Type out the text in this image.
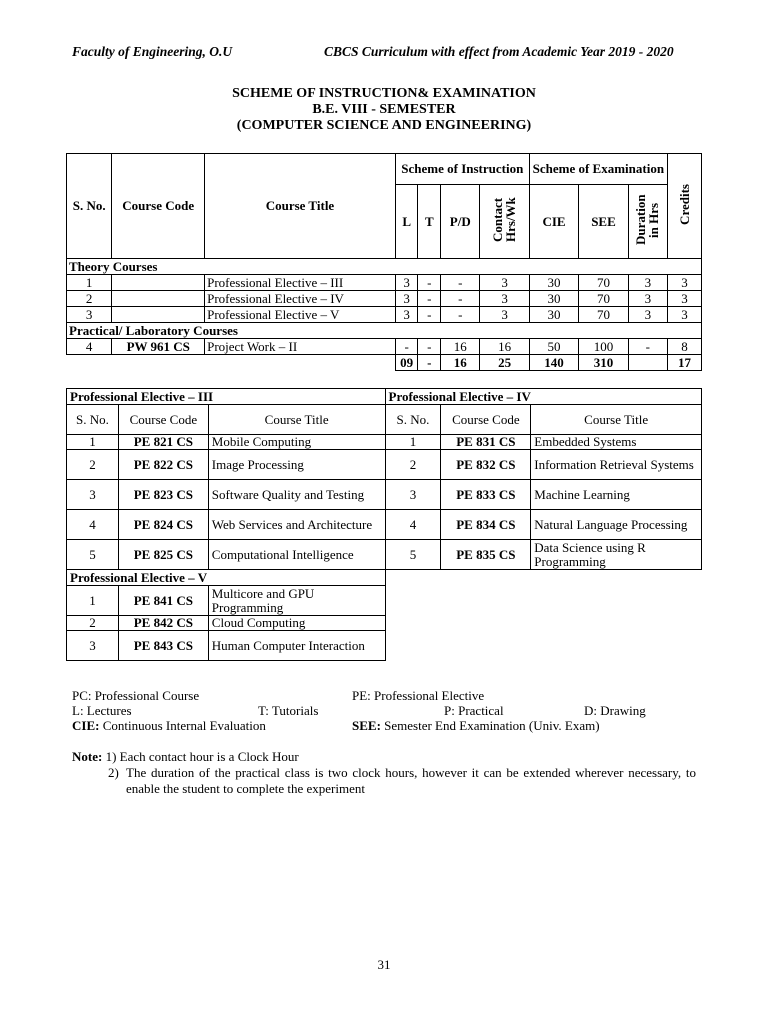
Faculty of Engineering, O.U	CBCS Curriculum with effect from Academic Year 2019 - 2020
SCHEME OF INSTRUCTION& EXAMINATION
B.E. VIII - SEMESTER
(COMPUTER SCIENCE AND ENGINEERING)
S. No.	Course Code	Course Title	Scheme of Instruction				Scheme of Examination			Credits
			L	T	P/D	Contact Hrs/Wk	CIE	SEE	Duration in Hrs	
Theory Courses										
1		Professional Elective – III	3	-	-	3	30	70	3	3
2		Professional Elective – IV	3	-	-	3	30	70	3	3
3		Professional Elective – V	3	-	-	3	30	70	3	3
Practical/ Laboratory Courses										
4	PW 961 CS	Project Work – II	-	-	16	16	50	100	-	8
			09	-	16	25	140	310		17
Professional Elective – III			Professional Elective – IV		
S. No.	Course Code	Course Title	S. No.	Course Code	Course Title
1	PE 821 CS	Mobile Computing	1	PE 831 CS	Embedded Systems
2	PE 822 CS	Image Processing	2	PE 832 CS	Information Retrieval Systems
3	PE 823 CS	Software Quality and Testing	3	PE 833 CS	Machine Learning
4	PE 824 CS	Web Services and Architecture	4	PE 834 CS	Natural Language Processing
5	PE 825 CS	Computational Intelligence	5	PE 835 CS	Data Science using R Programming
Professional Elective – V					
1	PE 841 CS	Multicore and GPU Programming			
2	PE 842 CS	Cloud Computing			
3	PE 843 CS	Human Computer Interaction			
PC: Professional Course	PE: Professional Elective
L: Lectures	T: Tutorials	P: Practical	D: Drawing
CIE: Continuous Internal Evaluation	SEE: Semester End Examination (Univ. Exam)
Note: 1) Each contact hour is a Clock Hour
2) The duration of the practical class is two clock hours, however it can be extended wherever necessary, to enable the student to complete the experiment
31
